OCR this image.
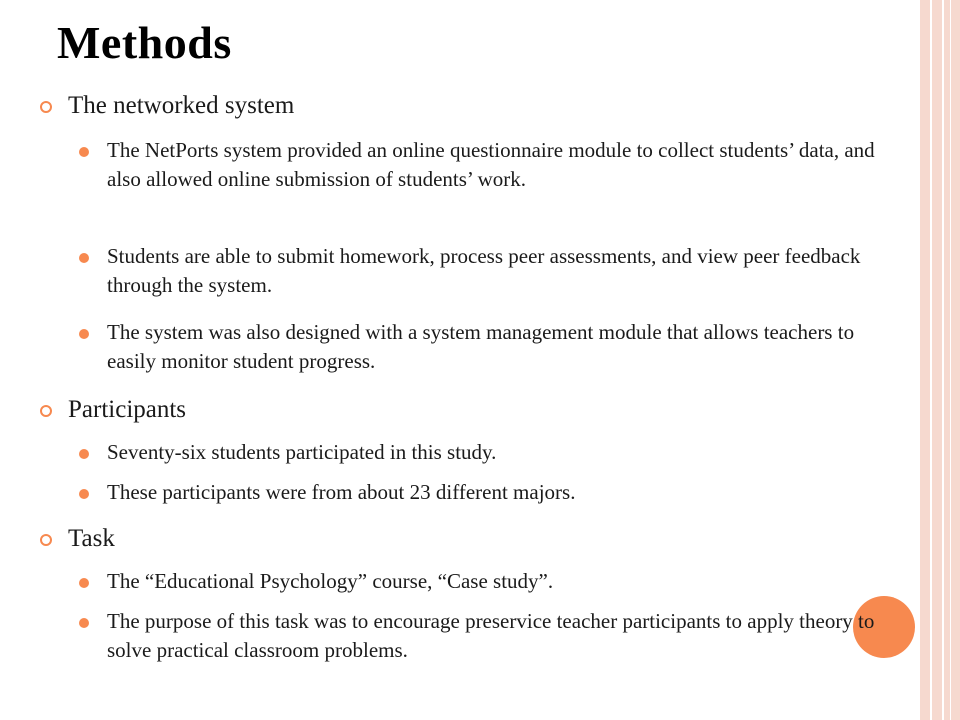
Methods
The networked system
The NetPorts system provided an online questionnaire module to collect students’ data, and also allowed online submission of students’ work.
Students are able to submit homework, process peer assessments, and view peer feedback through the system.
The system was also designed with a system management module that allows teachers to easily monitor student progress.
Participants
Seventy-six students participated in this study.
These participants were from about 23 different majors.
Task
The “Educational Psychology” course, “Case study”.
The purpose of this task was to encourage preservice teacher participants to apply theory to solve practical classroom problems.
